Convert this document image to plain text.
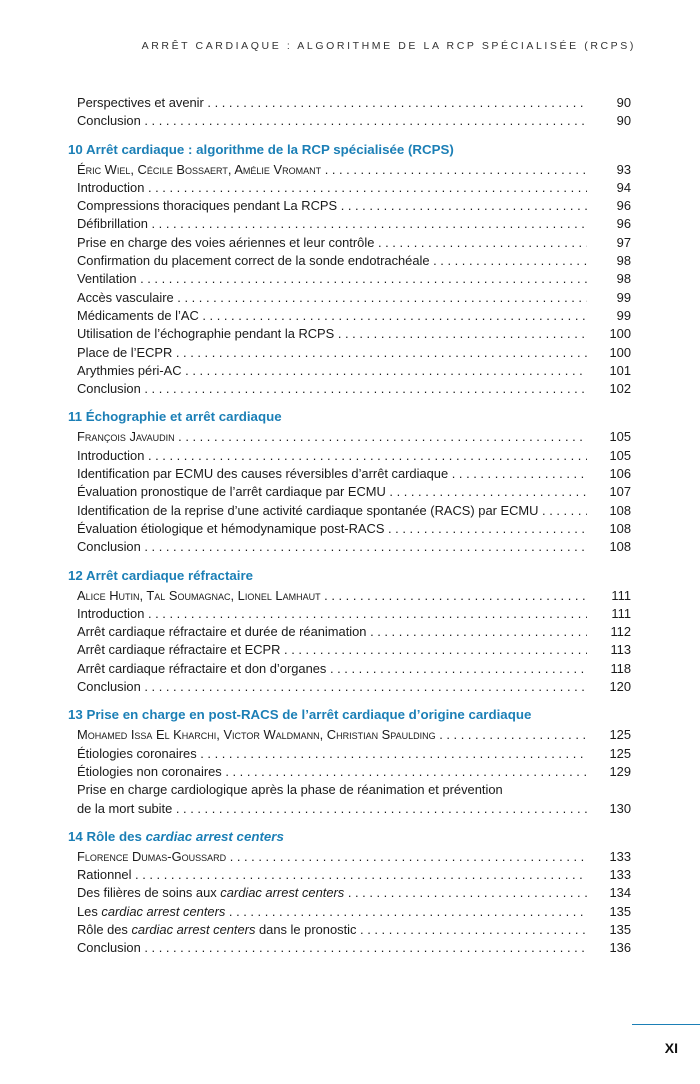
ARRÊT CARDIAQUE : ALGORITHME DE LA RCP SPÉCIALISÉE (RCPS)
Perspectives et avenir . . .	90
Conclusion . . .	90
10 Arrêt cardiaque : algorithme de la RCP spécialisée (RCPS)
Éric Wiel, Cécile Bossaert, Amélie Vromant . . .	93
Introduction . . .	94
Compressions thoraciques pendant La RCPS . . .	96
Défibrillation . . .	96
Prise en charge des voies aériennes et leur contrôle . . .	97
Confirmation du placement correct de la sonde endotrachéale . . .	98
Ventilation . . .	98
Accès vasculaire . . .	99
Médicaments de l’AC . . .	99
Utilisation de l’échographie pendant la RCPS . . .	100
Place de l’ECPR . . .	100
Arythmies péri-AC . . .	101
Conclusion . . .	102
11 Échographie et arrêt cardiaque
François Javaudin . . .	105
Introduction . . .	105
Identification par ECMU des causes réversibles d’arrêt cardiaque . . .	106
Évaluation pronostique de l’arrêt cardiaque par ECMU . . .	107
Identification de la reprise d’une activité cardiaque spontanée (RACS) par ECMU . . .	108
Évaluation étiologique et hémodynamique post-RACS . . .	108
Conclusion . . .	108
12 Arrêt cardiaque réfractaire
Alice Hutin, Tal Soumagnac, Lionel Lamhaut . . .	111
Introduction . . .	111
Arrêt cardiaque réfractaire et durée de réanimation . . .	112
Arrêt cardiaque réfractaire et ECPR . . .	113
Arrêt cardiaque réfractaire et don d’organes . . .	118
Conclusion . . .	120
13 Prise en charge en post-RACS de l’arrêt cardiaque d’origine cardiaque
Mohamed Issa El Kharchi, Victor Waldmann, Christian Spaulding . . .	125
Étiologies coronaires . . .	125
Étiologies non coronaires . . .	129
Prise en charge cardiologique après la phase de réanimation et prévention
de la mort subite . . .	130
14 Rôle des cardiac arrest centers
Florence Dumas-Goussard . . .	133
Rationnel . . .	133
Des filières de soins aux cardiac arrest centers . . .	134
Les cardiac arrest centers . . .	135
Rôle des cardiac arrest centers dans le pronostic . . .	135
Conclusion . . .	136
XI
